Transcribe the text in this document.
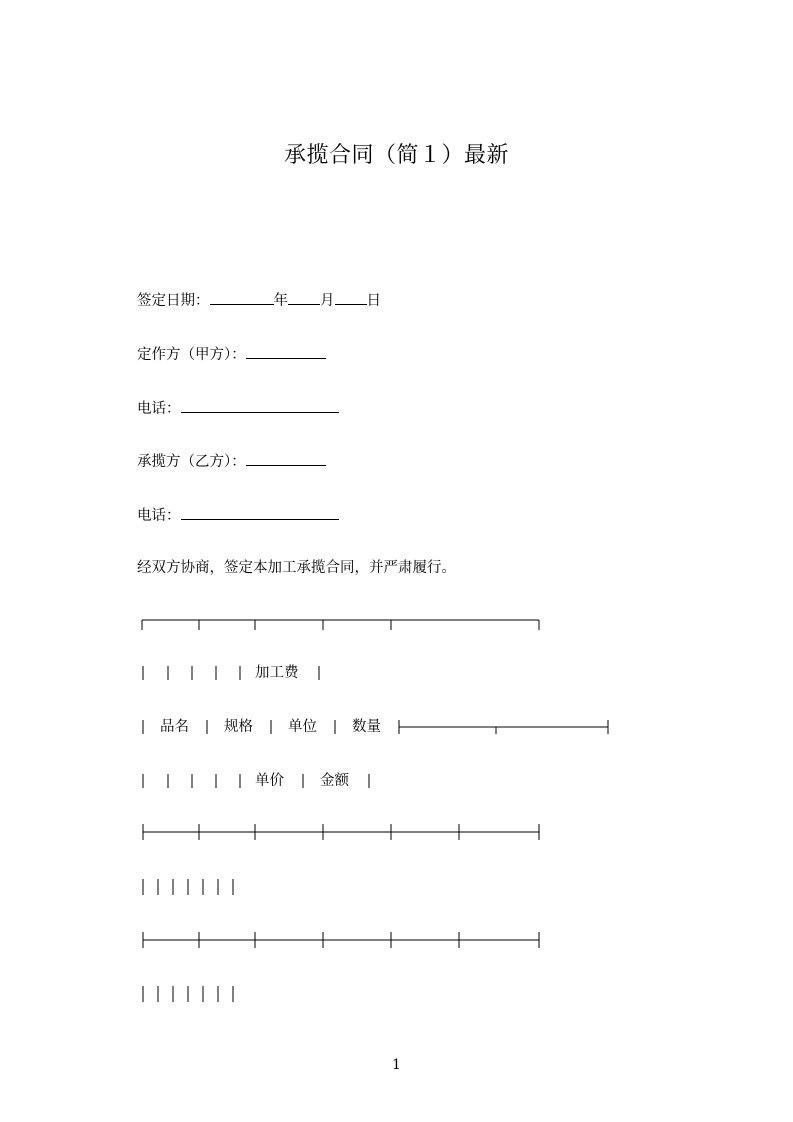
承揽合同（简１）最新
签定日期：	年 月 日
定作方（甲方）：
电话：
承揽方（乙方）：
电话：
经双方协商，签定本加工承揽合同，并严肃履行。
加工费
品名 规格 单位 数量
单价 金额
1
